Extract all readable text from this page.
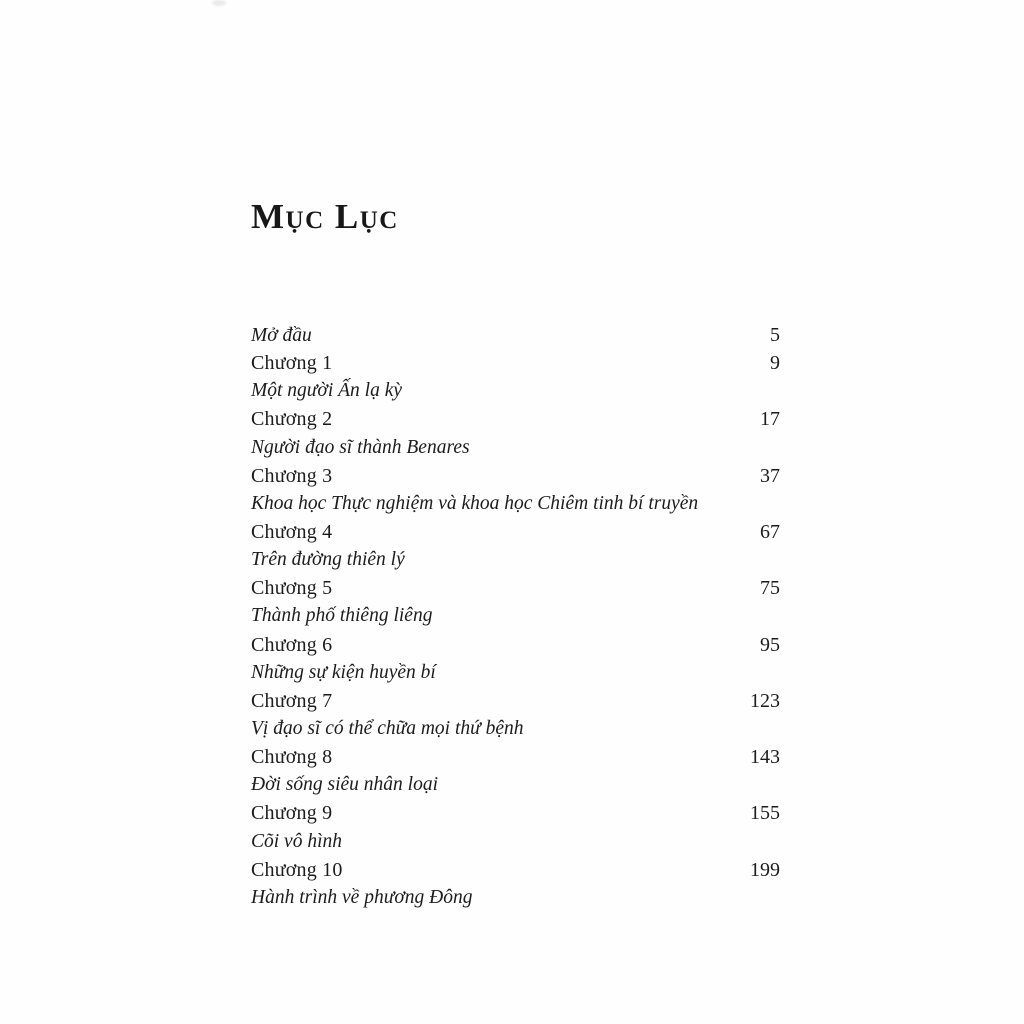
Mục Lục
Mở đầu	5
Chương 1	9
Một người Ấn lạ kỳ
Chương 2	17
Người đạo sĩ thành Benares
Chương 3	37
Khoa học Thực nghiệm và khoa học Chiêm tinh bí truyền
Chương 4	67
Trên đường thiên lý
Chương 5	75
Thành phố thiêng liêng
Chương 6	95
Những sự kiện huyền bí
Chương 7	123
Vị đạo sĩ có thể chữa mọi thứ bệnh
Chương 8	143
Đời sống siêu nhân loại
Chương 9	155
Cõi vô hình
Chương 10	199
Hành trình về phương Đông
